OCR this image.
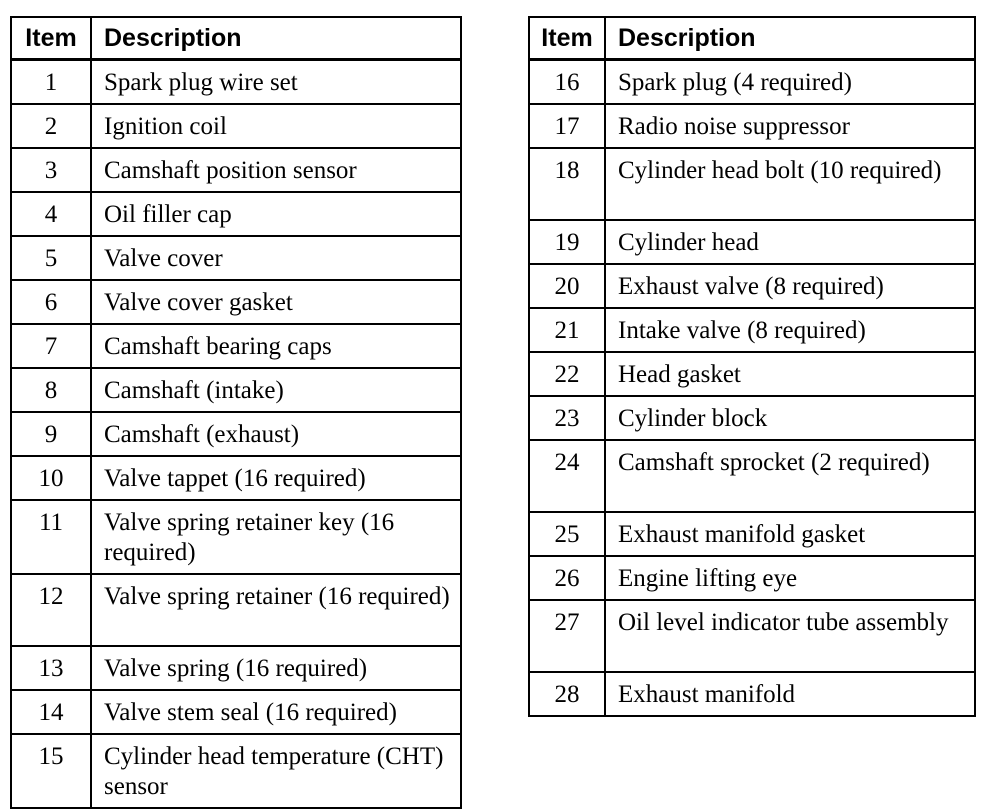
Item	Description
1	Spark plug wire set
2	Ignition coil
3	Camshaft position sensor
4	Oil filler cap
5	Valve cover
6	Valve cover gasket
7	Camshaft bearing caps
8	Camshaft (intake)
9	Camshaft (exhaust)
10	Valve tappet (16 required)
11	Valve spring retainer key (16 required)
12	Valve spring retainer (16 required)
13	Valve spring (16 required)
14	Valve stem seal (16 required)
15	Cylinder head temperature (CHT) sensor
Item	Description
16	Spark plug (4 required)
17	Radio noise suppressor
18	Cylinder head bolt (10 required)
19	Cylinder head
20	Exhaust valve (8 required)
21	Intake valve (8 required)
22	Head gasket
23	Cylinder block
24	Camshaft sprocket (2 required)
25	Exhaust manifold gasket
26	Engine lifting eye
27	Oil level indicator tube assembly
28	Exhaust manifold
